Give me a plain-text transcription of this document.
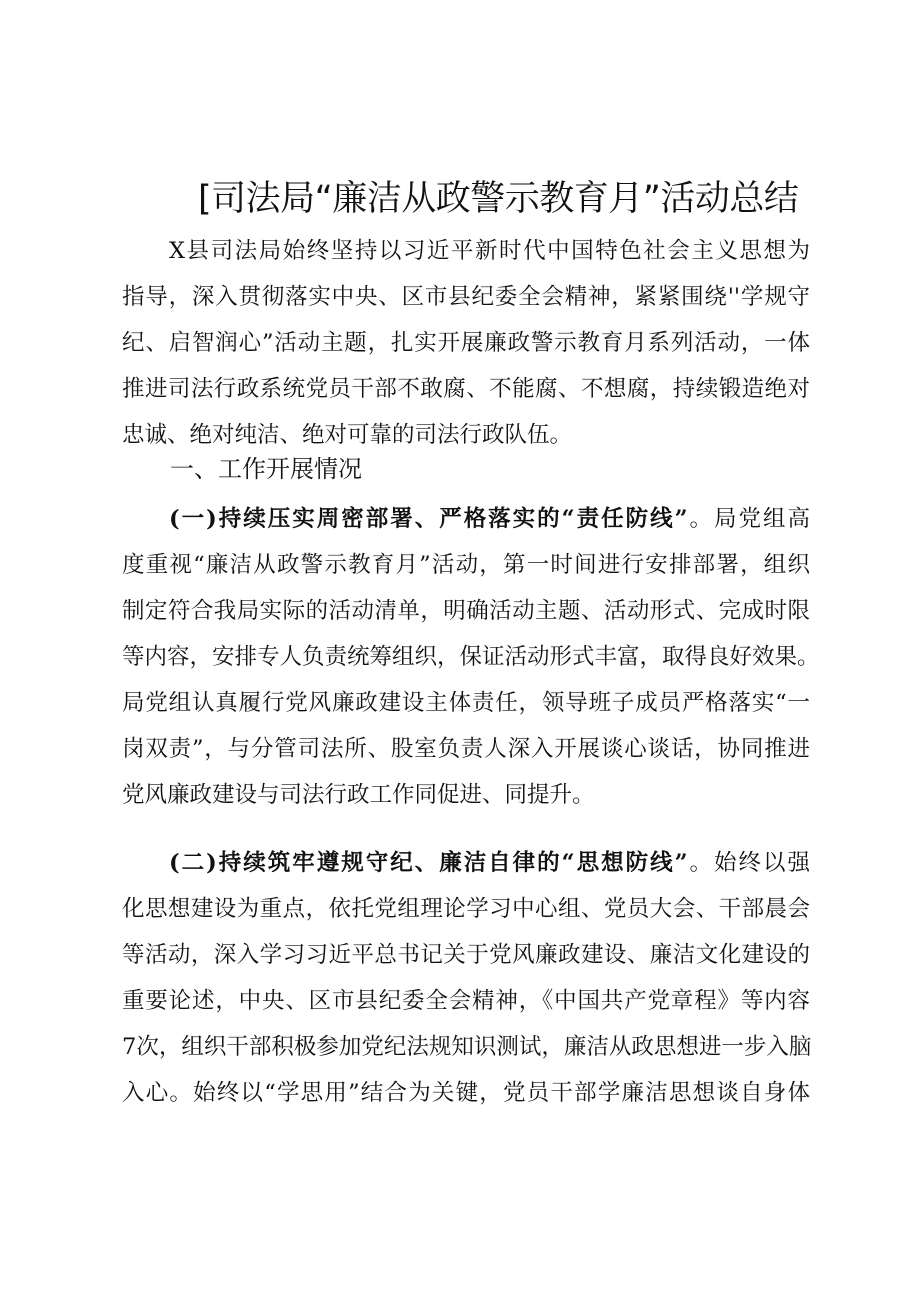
[司法局“廉洁从政警示教育月”活动总结
X县司法局始终坚持以习近平新时代中国特色社会主义思想为
指导，深入贯彻落实中央、区市县纪委全会精神，紧紧围绕''学规守
纪、启智润心”活动主题，扎实开展廉政警示教育月系列活动，一体
推进司法行政系统党员干部不敢腐、不能腐、不想腐，持续锻造绝对
忠诚、绝对纯洁、绝对可靠的司法行政队伍。
一、工作开展情况
(一)持续压实周密部署、严格落实的“责任防线”。局党组高
度重视“廉洁从政警示教育月”活动，第一时间进行安排部署，组织
制定符合我局实际的活动清单，明确活动主题、活动形式、完成时限
等内容，安排专人负责统筹组织，保证活动形式丰富，取得良好效果。
局党组认真履行党风廉政建设主体责任，领导班子成员严格落实“一
岗双责”，与分管司法所、股室负责人深入开展谈心谈话，协同推进
党风廉政建设与司法行政工作同促进、同提升。
(二)持续筑牢遵规守纪、廉洁自律的“思想防线”。始终以强
化思想建设为重点，依托党组理论学习中心组、党员大会、干部晨会
等活动，深入学习习近平总书记关于党风廉政建设、廉洁文化建设的
重要论述，中央、区市县纪委全会精神，《中国共产党章程》等内容
7次，组织干部积极参加党纪法规知识测试，廉洁从政思想进一步入脑
入心。始终以“学思用”结合为关键，党员干部学廉洁思想谈自身体
